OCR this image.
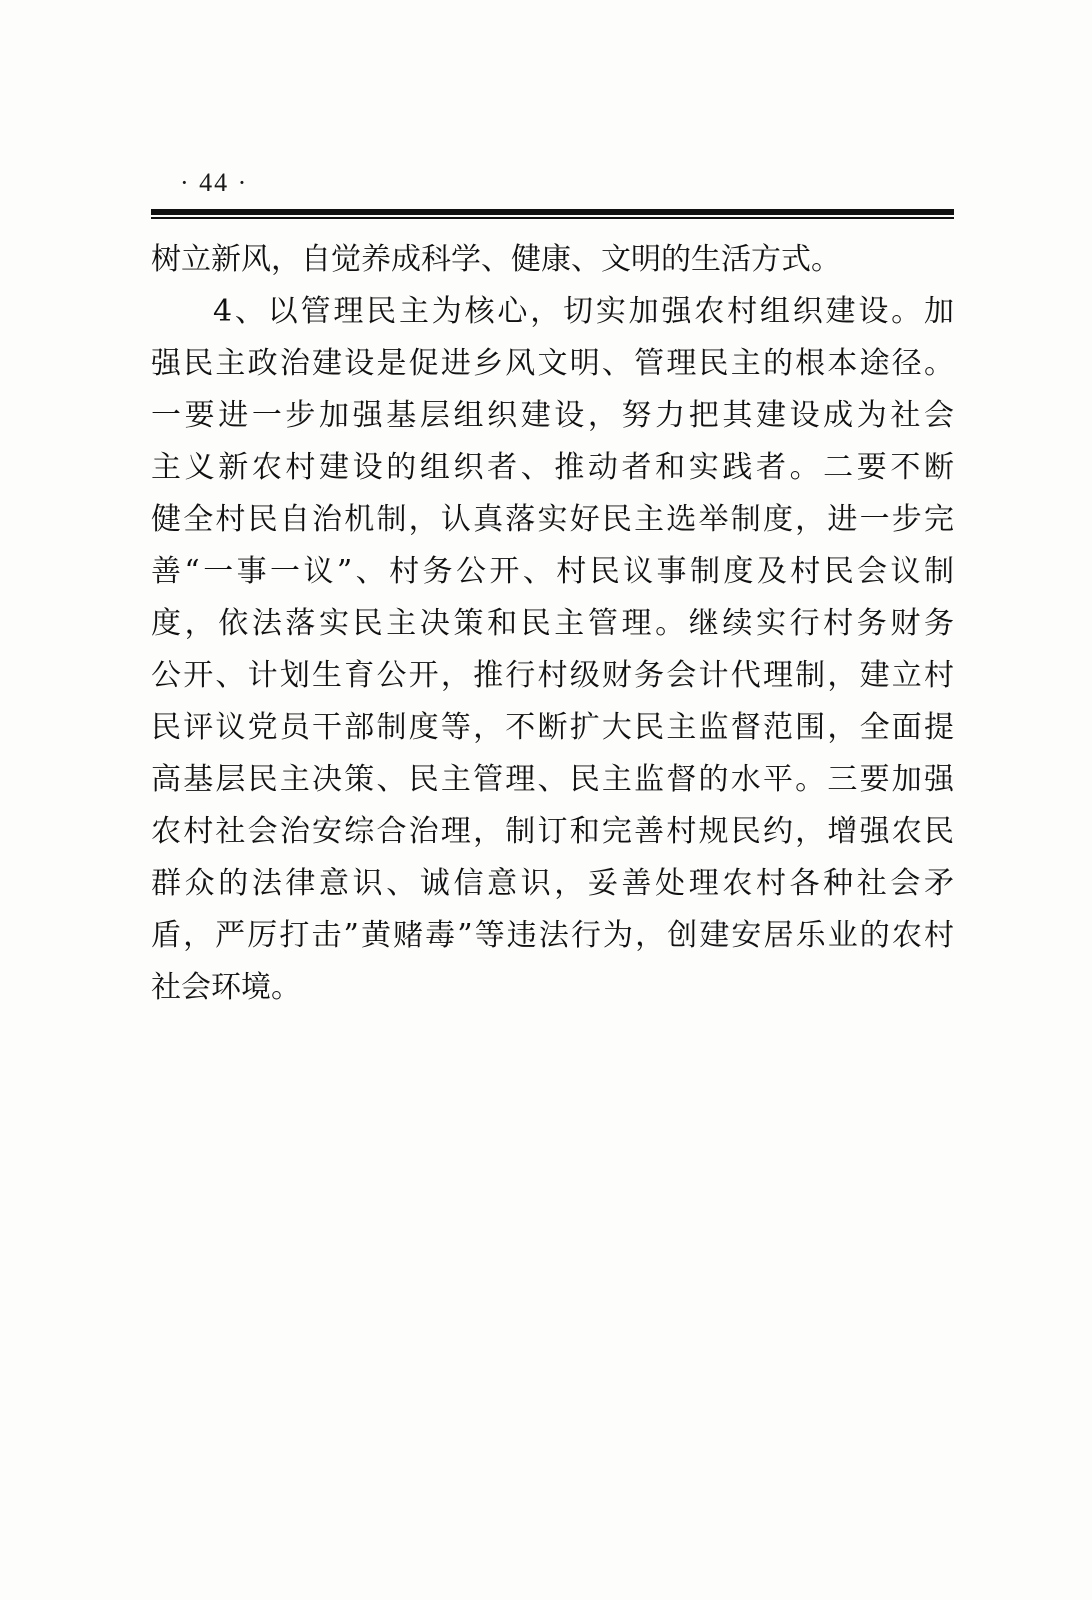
· 44 ·
树立新风，自觉养成科学、健康、文明的生活方式。
4、以管理民主为核心，切实加强农村组织建设。加
强民主政治建设是促进乡风文明、管理民主的根本途径。
一要进一步加强基层组织建设，努力把其建设成为社会
主义新农村建设的组织者、推动者和实践者。二要不断
健全村民自治机制，认真落实好民主选举制度，进一步完
善“一事一议”、村务公开、村民议事制度及村民会议制
度，依法落实民主决策和民主管理。继续实行村务财务
公开、计划生育公开，推行村级财务会计代理制，建立村
民评议党员干部制度等，不断扩大民主监督范围，全面提
高基层民主决策、民主管理、民主监督的水平。三要加强
农村社会治安综合治理，制订和完善村规民约，增强农民
群众的法律意识、诚信意识，妥善处理农村各种社会矛
盾，严厉打击”黄赌毒”等违法行为，创建安居乐业的农村
社会环境。
